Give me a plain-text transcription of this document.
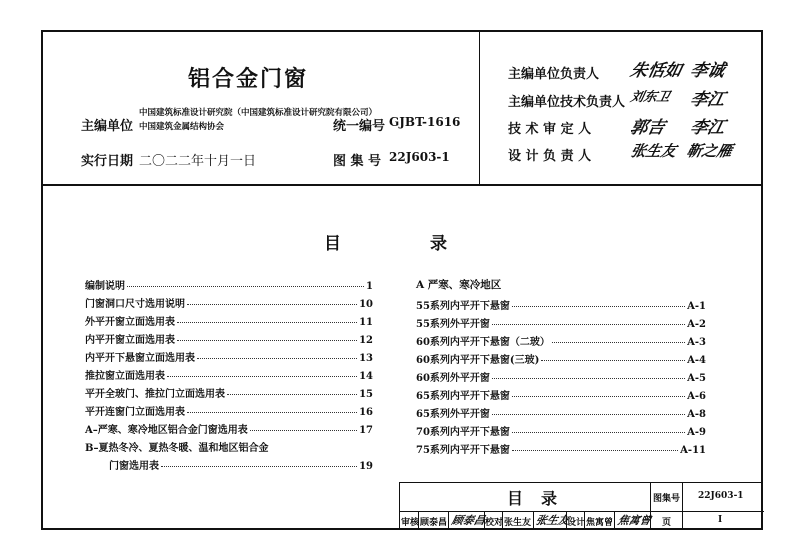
铝合金门窗
主编单位
中国建筑标准设计研究院（中国建筑标准设计研究院有限公司）
中国建筑金属结构协会	统一编号 GJBT-1616
实行日期 二〇二二年十月一日	图 集 号 22J603-1
主编单位负责人 朱恬如 李诚
主编单位技术负责人 刘东卫 李江
技 术 审 定 人 郭吉 李江
设 计 负 责 人	张生友 靳之雁
目	录
编制说明	1
门窗洞口尺寸选用说明	10
外平开窗立面选用表	11
内平开窗立面选用表	12
内平开下悬窗立面选用表	13
推拉窗立面选用表	14
平开全玻门、推拉门立面选用表	15
平开连窗门立面选用表	16
A–严寒、寒冷地区铝合金门窗选用表	17
B–夏热冬冷、夏热冬暖、温和地区铝合金
门窗选用表	19
A 严寒、寒冷地区
55系列内平开下悬窗	A-1
55系列外平开窗	A-2
60系列内平开下悬窗（二玻）	A-3
60系列内平开下悬窗(三玻)	A-4
60系列外平开窗	A-5
65系列内平开下悬窗	A-6
65系列外平开窗	A-8
70系列内平开下悬窗	A-9
75系列内平开下悬窗	A-11
目 录	图集号 22J603-1
审核 顾泰昌 顾泰昌
校对 张生友 张生友
设计 焦寓曾 焦寓曾 页	I
